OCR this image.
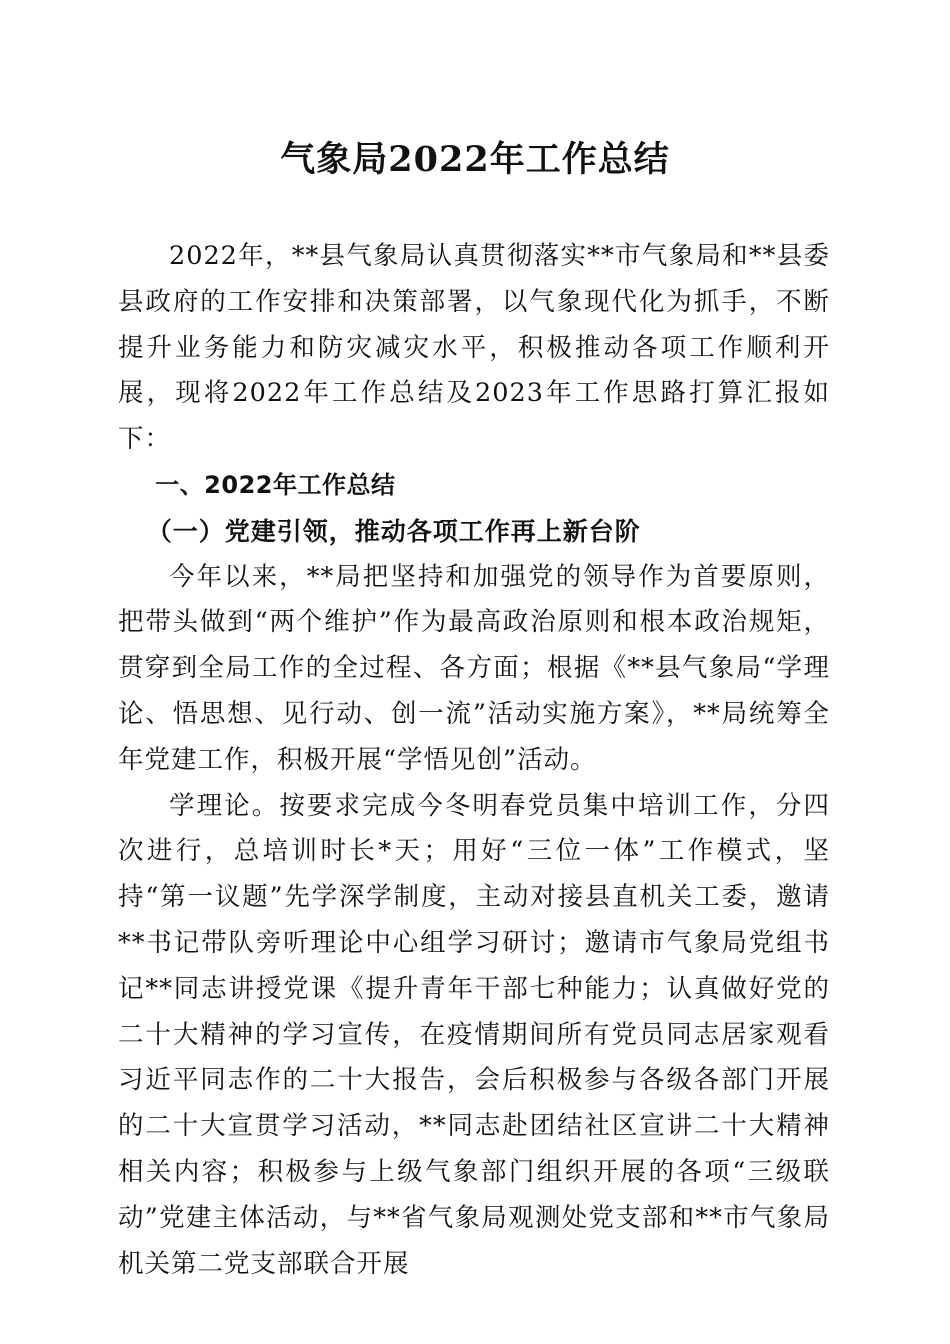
气象局2022年工作总结

2022年，**县气象局认真贯彻落实**市气象局和**县委县政府的工作安排和决策部署，以气象现代化为抓手，不断提升业务能力和防灾减灾水平，积极推动各项工作顺利开展，现将2022年工作总结及2023年工作思路打算汇报如下：

一、2022年工作总结

（一）党建引领，推动各项工作再上新台阶

今年以来，**局把坚持和加强党的领导作为首要原则，把带头做到“两个维护”作为最高政治原则和根本政治规矩，贯穿到全局工作的全过程、各方面；根据《**县气象局“学理论、悟思想、见行动、创一流”活动实施方案》，**局统筹全年党建工作，积极开展“学悟见创”活动。

学理论。按要求完成今冬明春党员集中培训工作，分四次进行，总培训时长*天；用好“三位一体”工作模式，坚持“第一议题”先学深学制度，主动对接县直机关工委，邀请**书记带队旁听理论中心组学习研讨；邀请市气象局党组书记**同志讲授党课《提升青年干部七种能力；认真做好党的二十大精神的学习宣传，在疫情期间所有党员同志居家观看习近平同志作的二十大报告，会后积极参与各级各部门开展的二十大宣贯学习活动，**同志赴团结社区宣讲二十大精神相关内容；积极参与上级气象部门组织开展的各项“三级联动”党建主体活动，与**省气象局观测处党支部和**市气象局机关第二党支部联合开展
